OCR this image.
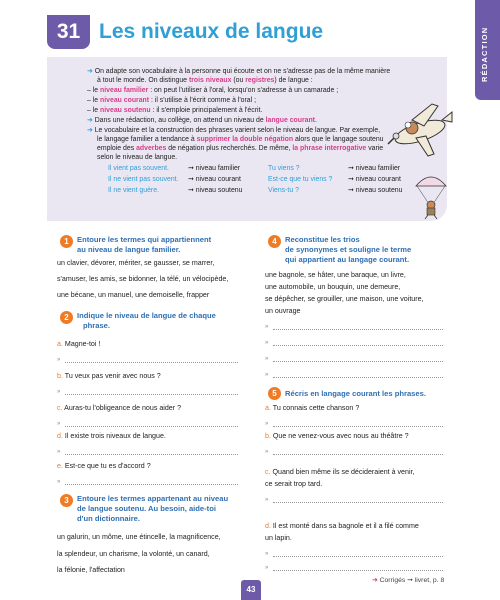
31 Les niveaux de langue	RÉDACTION

➜ On adapte son vocabulaire à la personne qui écoute et on ne s'adresse pas de la même manière

à tout le monde. On distingue trois niveaux (ou registres) de langue :

– le niveau familier : on peut l'utiliser à l'oral, lorsqu'on s'adresse à un camarade ;

– le niveau courant : il s'utilise à l'écrit comme à l'oral ;

– le niveau soutenu : il s'emploie principalement à l'écrit.

➜ Dans une rédaction, au collège, on attend un niveau de langue courant.

➜ Le vocabulaire et la construction des phrases varient selon le niveau de langue. Par exemple,

le langage familier a tendance à supprimer la double négation alors que le langage soutenu

emploie des adverbes de négation plus recherchés. De même, la phrase interrogative varie

selon le niveau de langue.

Il vient pas souvent.	➞ niveau familier	Tu viens ?	➞ niveau familier
Il ne vient pas souvent. ➞ niveau courant	Est-ce que tu viens ? ➞ niveau courant
Il ne vient guère.	➞ niveau soutenu	Viens-tu ?	➞ niveau soutenu
1	Entoure les termes qui appartiennent
au niveau de langue familier.
un clavier, dévorer, mériter, se gausser, se marrer,
s'amuser, les amis, se bidonner, la télé, un vélocipède,
une bécane, un manuel, une demoiselle, frapper
2	Indique le niveau de langue de chaque
phrase.
a. Magne-toi !
»
b. Tu veux pas venir avec nous ?
»
c. Auras-tu l'obligeance de nous aider ?
»
d. Il existe trois niveaux de langue.
»
e. Est-ce que tu es d'accord ?
»
3	Entoure les termes appartenant au niveau
de langue soutenu. Au besoin, aide-toi
d'un dictionnaire.
un galurin, un môme, une étincelle, la magnificence,
la splendeur, un charisme, la volonté, un canard,
la félonie, l'affectation
4	Reconstitue les trios
de synonymes et souligne le terme
qui appartient au langage courant.
une bagnole, se hâter, une baraque, un livre,
une automobile, un bouquin, une demeure,
se dépêcher, se grouiller, une maison, une voiture,
un ouvrage
»
»
»
»
5	Récris en langage courant les phrases.
a. Tu connais cette chanson ?
»
b. Que ne venez-vous avec nous au théâtre ?
»
c. Quand bien même ils se décideraient à venir,
ce serait trop tard.
»
d. Il est monté dans sa bagnole et il a filé comme
un lapin.
»
»
43
➜ Corrigés ➞ livret, p. 8
